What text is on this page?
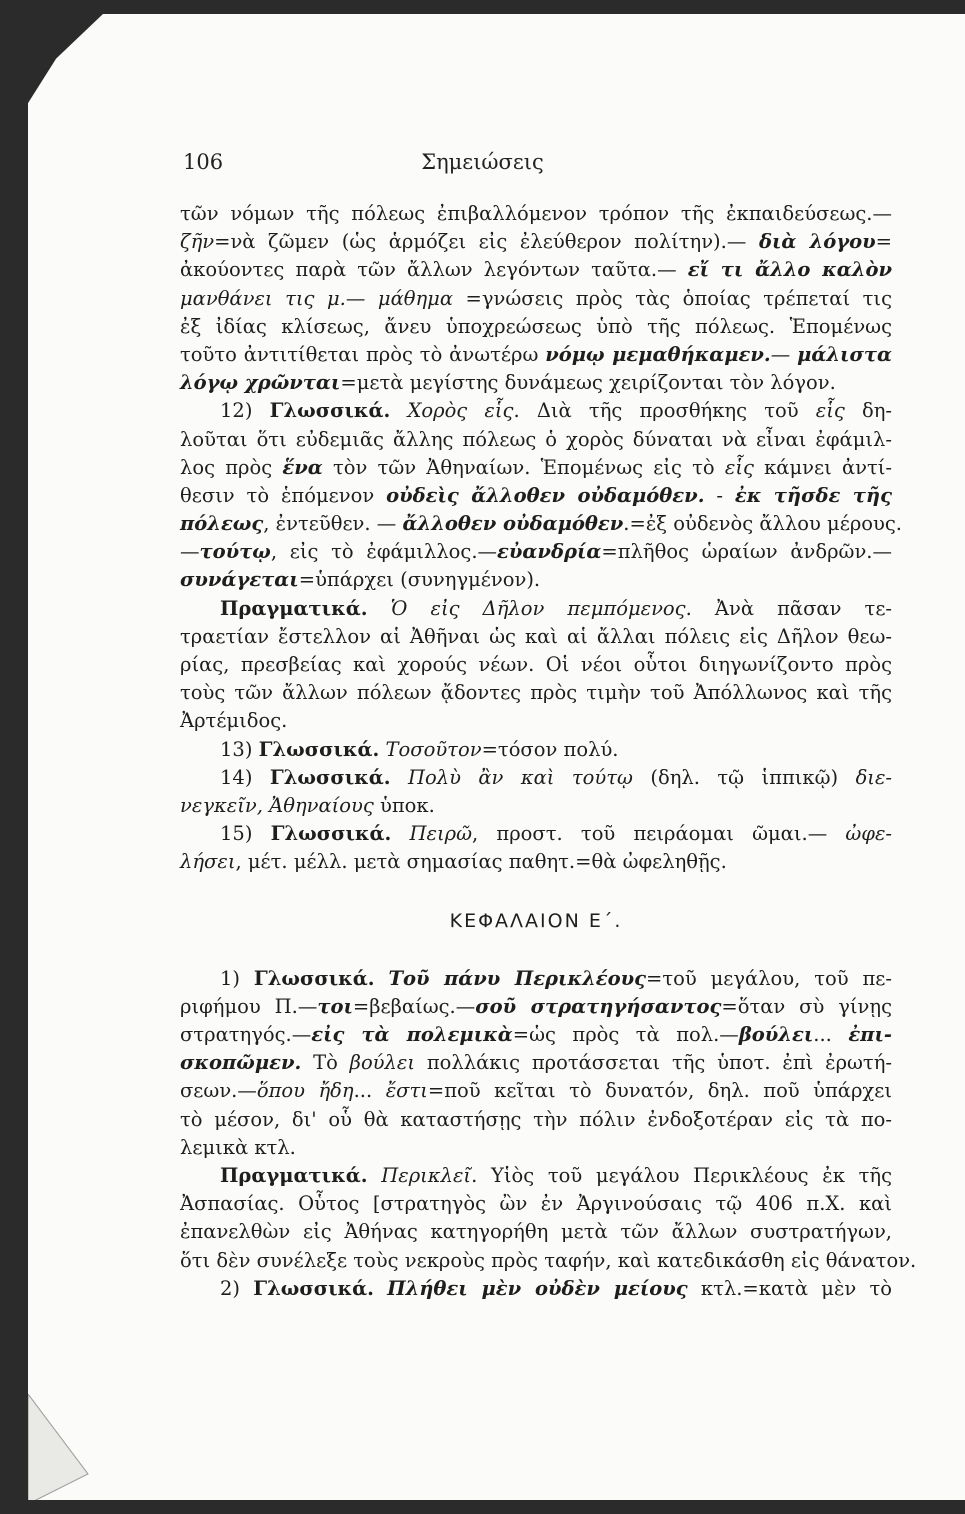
106	Σημειώσεις
τῶν νόμων τῆς πόλεως ἐπιβαλλόμενον τρόπον τῆς ἐκπαιδεύσεως.—
ζῆν=νὰ ζῶμεν (ὡς ἁρμόζει εἰς ἐλεύθερον πολίτην).— διὰ λόγου=
ἀκούοντες παρὰ τῶν ἄλλων λεγόντων ταῦτα.— εἴ τι ἄλλο καλὸν
μανθάνει τις μ.— μάθημα =γνώσεις πρὸς τὰς ὁποίας τρέπεταί τις
ἐξ ἰδίας κλίσεως, ἄνευ ὑποχρεώσεως ὑπὸ τῆς πόλεως. Ἑπομένως
τοῦτο ἀντιτίθεται πρὸς τὸ ἀνωτέρω νόμῳ μεμαθήκαμεν.— μάλιστα
λόγῳ χρῶνται=μετὰ μεγίστης δυνάμεως χειρίζονται τὸν λόγον.
12) Γλωσσικά. Χορὸς εἷς. Διὰ τῆς προσθήκης τοῦ εἷς δη-
λοῦται ὅτι εὐδεμιᾶς ἄλλης πόλεως ὁ χορὸς δύναται νὰ εἶναι ἐφάμιλ-
λος πρὸς ἕνα τὸν τῶν Ἀθηναίων. Ἑπομένως εἰς τὸ εἷς κάμνει ἀντί-
θεσιν τὸ ἑπόμενον οὐδεὶς ἄλλοθεν οὐδαμόθεν. - ἐκ τῆσδε τῆς
πόλεως, ἐντεῦθεν. — ἄλλοθεν οὐδαμόθεν.=ἐξ οὐδενὸς ἄλλου μέρους.
—τούτῳ, εἰς τὸ ἐφάμιλλος.—εὐανδρία=πλῆθος ὡραίων ἀνδρῶν.—
συνάγεται=ὑπάρχει (συνηγμένον).
Πραγματικά. Ὁ εἰς Δῆλον πεμπόμενος. Ἀνὰ πᾶσαν τε-
τραετίαν ἔστελλον αἱ Ἀθῆναι ὡς καὶ αἱ ἄλλαι πόλεις εἰς Δῆλον θεω-
ρίας, πρεσβείας καὶ χορούς νέων. Οἱ νέοι οὗτοι διηγωνίζοντο πρὸς
τοὺς τῶν ἄλλων πόλεων ᾄδοντες πρὸς τιμὴν τοῦ Ἀπόλλωνος καὶ τῆς
Ἀρτέμιδος.
13) Γλωσσικά. Τοσοῦτον=τόσον πολύ.
14) Γλωσσικά. Πολὺ ἂν καὶ τούτῳ (δηλ. τῷ ἱππικῷ) διε-
νεγκεῖν, Ἀθηναίους ὑποκ.
15) Γλωσσικά. Πειρῶ, προστ. τοῦ πειράομαι ῶμαι.— ὠφε-
λήσει, μέτ. μέλλ. μετὰ σημασίας παθητ.=θὰ ὠφεληθῇς.
ΚΕΦΑΛΑΙΟΝ Ε΄.
1) Γλωσσικά. Τοῦ πάνυ Περικλέους=τοῦ μεγάλου, τοῦ πε-
ριφήμου Π.—τοι=βεβαίως.—σοῦ στρατηγήσαντος=ὅταν σὺ γίνῃς
στρατηγός.—εἰς τὰ πολεμικὰ=ὡς πρὸς τὰ πολ.—βούλει... ἐπι-
σκοπῶμεν. Τὸ βούλει πολλάκις προτάσσεται τῆς ὑποτ. ἐπὶ ἐρωτή-
σεων.—ὅπου ἤδη... ἔστι=ποῦ κεῖται τὸ δυνατόν, δηλ. ποῦ ὑπάρχει
τὸ μέσον, δι' οὗ θὰ καταστήσῃς τὴν πόλιν ἐνδοξοτέραν εἰς τὰ πο-
λεμικὰ κτλ.
Πραγματικά. Περικλεῖ. Υἱὸς τοῦ μεγάλου Περικλέους ἐκ τῆς
Ἀσπασίας. Οὗτος [στρατηγὸς ὢν ἐν Ἀργινούσαις τῷ 406 π.Χ. καὶ
ἐπανελθὼν εἰς Ἀθήνας κατηγορήθη μετὰ τῶν ἄλλων συστρατήγων,
ὅτι δὲν συνέλεξε τοὺς νεκροὺς πρὸς ταφήν, καὶ κατεδικάσθη εἰς θάνατον.
2) Γλωσσικά. Πλήθει μὲν οὐδὲν μείους κτλ.=κατὰ μὲν τὸ
